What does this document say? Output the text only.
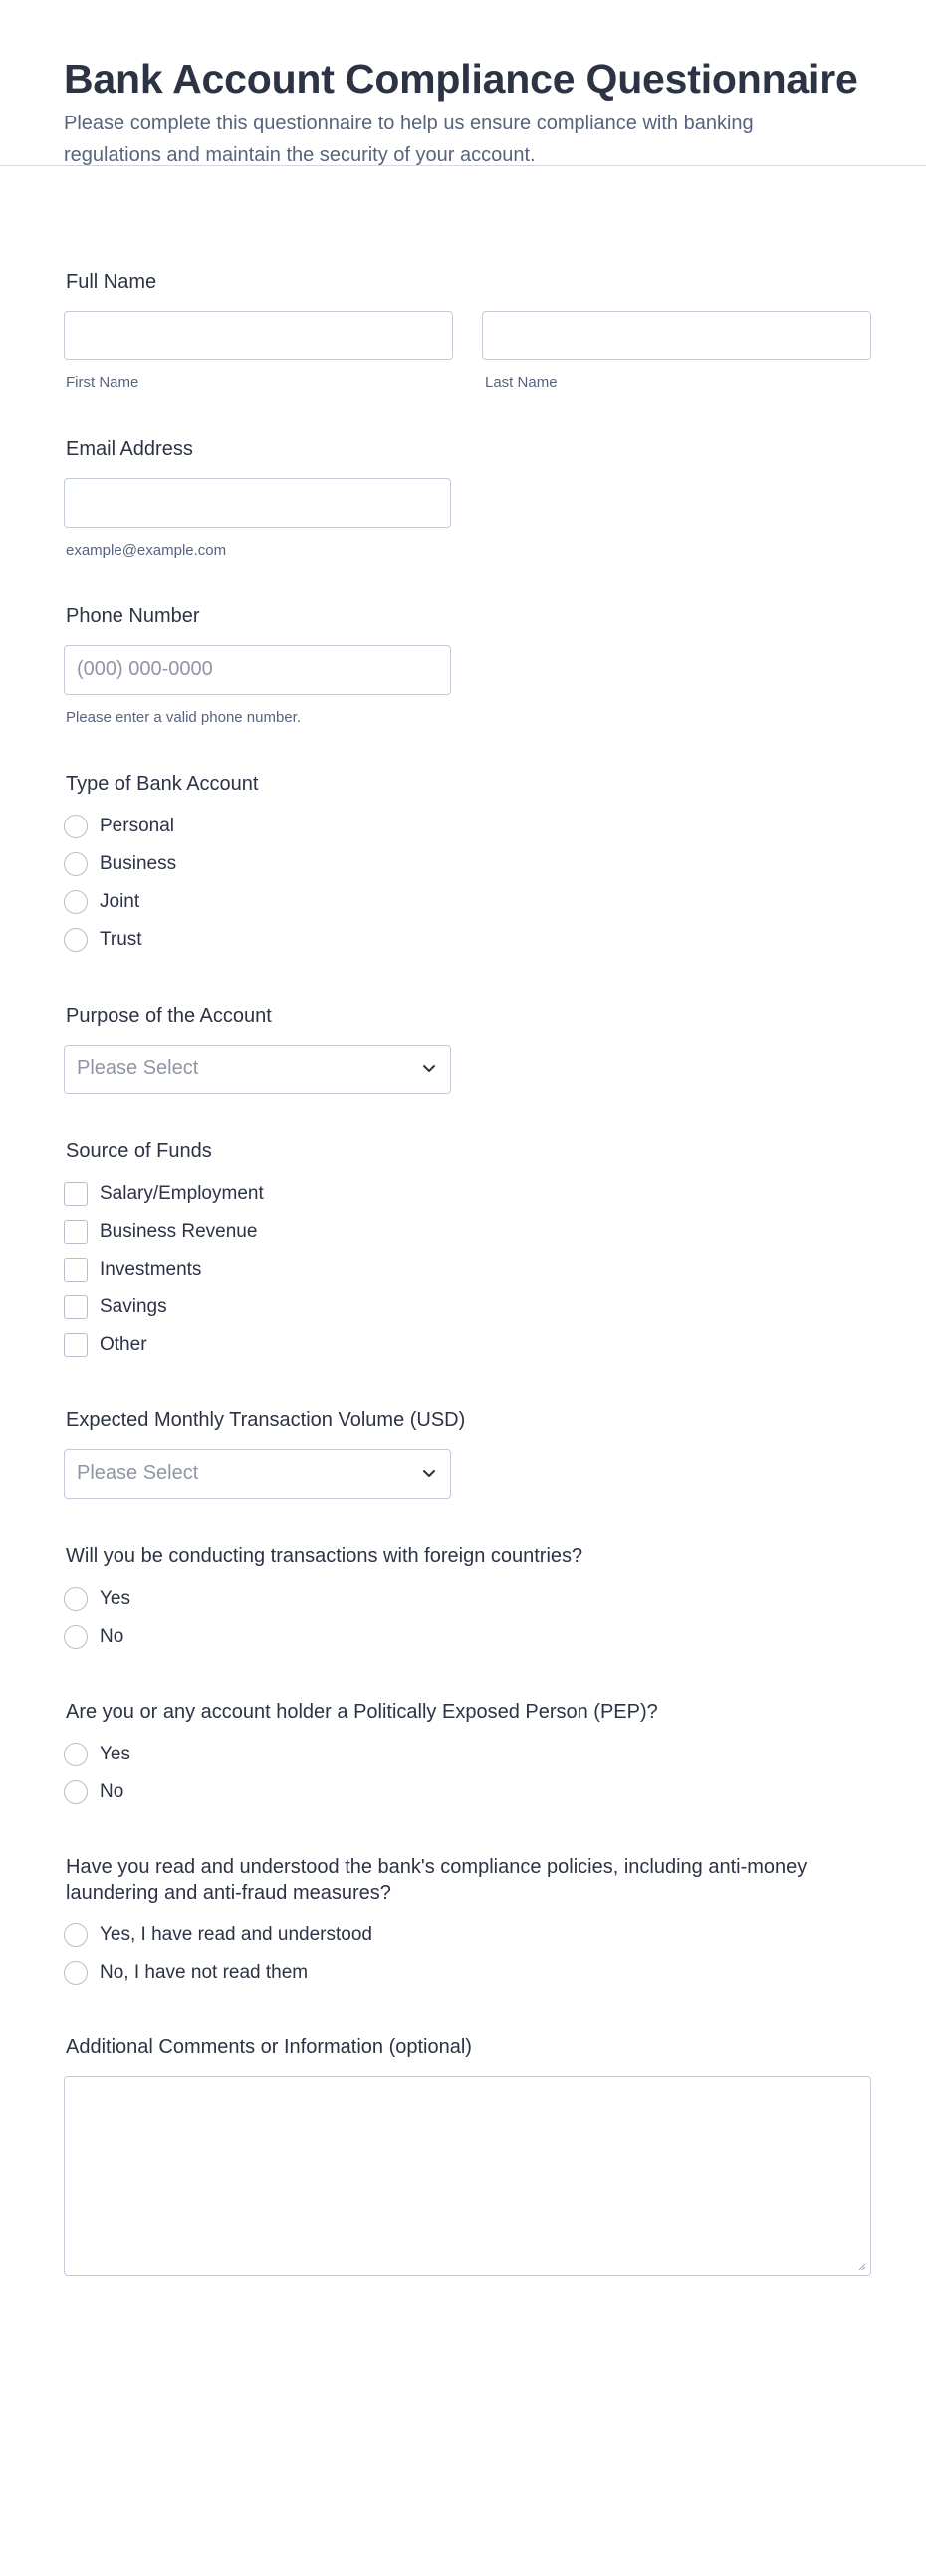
Bank Account Compliance Questionnaire
Please complete this questionnaire to help us ensure compliance with banking regulations and maintain the security of your account.
Full Name
First Name	Last Name
Email Address
example@example.com
Phone Number
(000) 000-0000
Please enter a valid phone number.
Type of Bank Account
Personal
Business
Joint
Trust
Purpose of the Account
Please Select
Source of Funds
Salary/Employment
Business Revenue
Investments
Savings
Other
Expected Monthly Transaction Volume (USD)
Please Select
Will you be conducting transactions with foreign countries?
Yes
No
Are you or any account holder a Politically Exposed Person (PEP)?
Yes
No
Have you read and understood the bank's compliance policies, including anti-money laundering and anti-fraud measures?
Yes, I have read and understood
No, I have not read them
Additional Comments or Information (optional)
